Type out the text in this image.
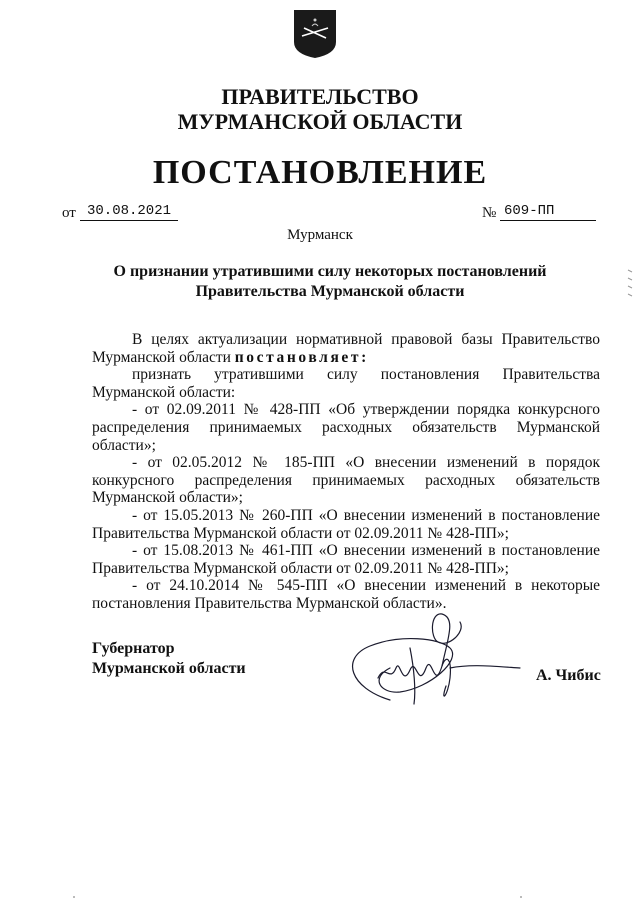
ПРАВИТЕЛЬСТВО
МУРМАНСКОЙ ОБЛАСТИ
ПОСТАНОВЛЕНИЕ
от 30.08.2021	№ 609-ПП
Мурманск
О признании утратившими силу некоторых постановлений
Правительства Мурманской области

В целях актуализации нормативной правовой базы Правительство Мурманской области постановляет:

признать утратившими силу постановления Правительства Мурманской области:

- от 02.09.2011 № 428-ПП «Об утверждении порядка конкурсного распределения принимаемых расходных обязательств Мурманской области»;

- от 02.05.2012 № 185-ПП «О внесении изменений в порядок конкурсного распределения принимаемых расходных обязательств Мурманской области»;

- от 15.05.2013 № 260-ПП «О внесении изменений в постановление Правительства Мурманской области от 02.09.2011 № 428-ПП»;

- от 15.08.2013 № 461-ПП «О внесении изменений в постановление Правительства Мурманской области от 02.09.2011 № 428-ПП»;

- от 24.10.2014 № 545-ПП «О внесении изменений в некоторые постановления Правительства Мурманской области».

Губернатор
Мурманской области	А. Чибис
